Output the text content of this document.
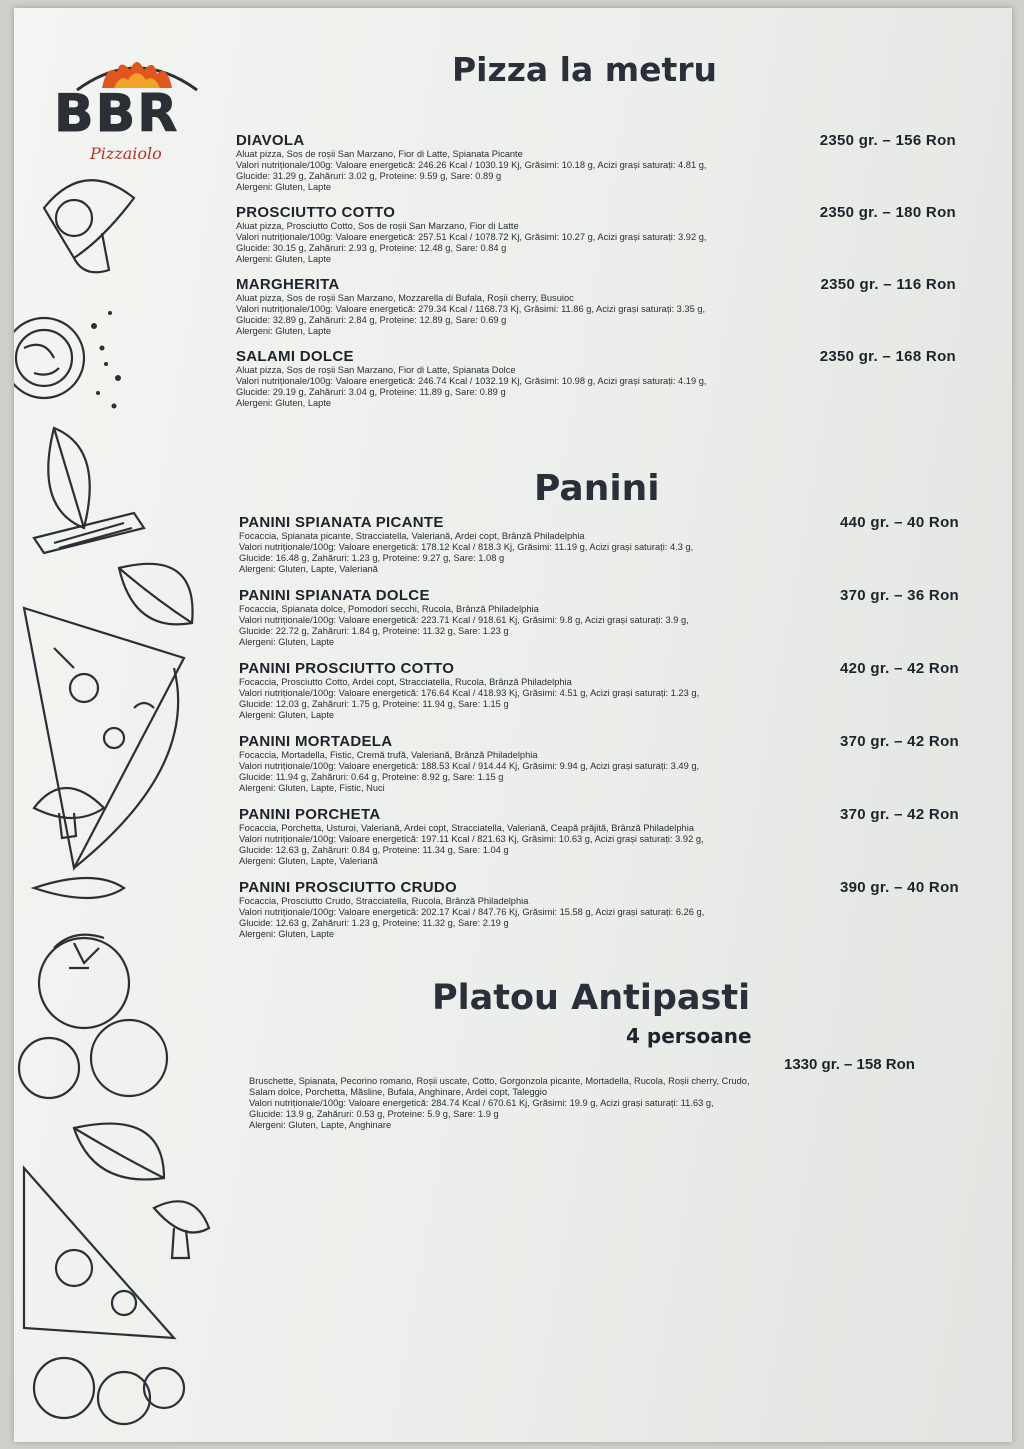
BBR
Pizzaiolo
Pizza la metru
DIAVOLA	2350 gr. – 156 Ron
Aluat pizza, Sos de roșii San Marzano, Fior di Latte, Spianata Picante
Valori nutriționale/100g: Valoare energetică: 246.26 Kcal / 1030.19 Kj, Grăsimi: 10.18 g, Acizi grași saturați: 4.81 g,
Glucide: 31.29 g, Zahăruri: 3.02 g, Proteine: 9.59 g, Sare: 0.89 g
Alergeni: Gluten, Lapte
PROSCIUTTO COTTO	2350 gr. – 180 Ron
Aluat pizza, Prosciutto Cotto, Sos de roșii San Marzano, Fior di Latte
Valori nutriționale/100g: Valoare energetică: 257.51 Kcal / 1078.72 Kj, Grăsimi: 10.27 g, Acizi grași saturați: 3.92 g,
Glucide: 30.15 g, Zahăruri: 2.93 g, Proteine: 12.48 g, Sare: 0.84 g
Alergeni: Gluten, Lapte
MARGHERITA	2350 gr. – 116 Ron
Aluat pizza, Sos de roșii San Marzano, Mozzarella di Bufala, Roșii cherry, Busuioc
Valori nutriționale/100g: Valoare energetică: 279.34 Kcal / 1168.73 Kj, Grăsimi: 11.86 g, Acizi grași saturați: 3.35 g,
Glucide: 32.89 g, Zahăruri: 2.84 g, Proteine: 12.89 g, Sare: 0.69 g
Alergeni: Gluten, Lapte
SALAMI DOLCE	2350 gr. – 168 Ron
Aluat pizza, Sos de roșii San Marzano, Fior di Latte, Spianata Dolce
Valori nutriționale/100g: Valoare energetică: 246.74 Kcal / 1032.19 Kj, Grăsimi: 10.98 g, Acizi grași saturați: 4.19 g,
Glucide: 29.19 g, Zahăruri: 3.04 g, Proteine: 11.89 g, Sare: 0.89 g
Alergeni: Gluten, Lapte
Panini
PANINI SPIANATA PICANTE	440 gr. – 40 Ron
Focaccia, Spianata picante, Stracciatella, Valeriană, Ardei copt, Brânză Philadelphia
Valori nutriționale/100g: Valoare energetică: 178.12 Kcal / 818.3 Kj, Grăsimi: 11.19 g, Acizi grași saturați: 4.3 g,
Glucide: 16.48 g, Zahăruri: 1.23 g, Proteine: 9.27 g, Sare: 1.08 g
Alergeni: Gluten, Lapte, Valeriană
PANINI SPIANATA DOLCE	370 gr. – 36 Ron
Focaccia, Spianata dolce, Pomodori secchi, Rucola, Brânză Philadelphia
Valori nutriționale/100g: Valoare energetică: 223.71 Kcal / 918.61 Kj, Grăsimi: 9.8 g, Acizi grași saturați: 3.9 g,
Glucide: 22.72 g, Zahăruri: 1.84 g, Proteine: 11.32 g, Sare: 1.23 g
Alergeni: Gluten, Lapte
PANINI PROSCIUTTO COTTO	420 gr. – 42 Ron
Focaccia, Prosciutto Cotto, Ardei copt, Stracciatella, Rucola, Brânză Philadelphia
Valori nutriționale/100g: Valoare energetică: 176.64 Kcal / 418.93 Kj, Grăsimi: 4.51 g, Acizi grași saturați: 1.23 g,
Glucide: 12.03 g, Zahăruri: 1.75 g, Proteine: 11.94 g, Sare: 1.15 g
Alergeni: Gluten, Lapte
PANINI MORTADELA	370 gr. – 42 Ron
Focaccia, Mortadella, Fistic, Cremă trufă, Valeriană, Brânză Philadelphia
Valori nutriționale/100g: Valoare energetică: 188.53 Kcal / 914.44 Kj, Grăsimi: 9.94 g, Acizi grași saturați: 3.49 g,
Glucide: 11.94 g, Zahăruri: 0.64 g, Proteine: 8.92 g, Sare: 1.15 g
Alergeni: Gluten, Lapte, Fistic, Nuci
PANINI PORCHETA	370 gr. – 42 Ron
Focaccia, Porchetta, Usturoi, Valeriană, Ardei copt, Stracciatella, Valeriană, Ceapă prăjită, Brânză Philadelphia
Valori nutriționale/100g: Valoare energetică: 197.11 Kcal / 821.63 Kj, Grăsimi: 10.63 g, Acizi grași saturați: 3.92 g,
Glucide: 12.63 g, Zahăruri: 0.84 g, Proteine: 11.34 g, Sare: 1.04 g
Alergeni: Gluten, Lapte, Valeriană
PANINI PROSCIUTTO CRUDO	390 gr. – 40 Ron
Focaccia, Prosciutto Crudo, Stracciatella, Rucola, Brânză Philadelphia
Valori nutriționale/100g: Valoare energetică: 202.17 Kcal / 847.76 Kj, Grăsimi: 15.58 g, Acizi grași saturați: 6.26 g,
Glucide: 12.63 g, Zahăruri: 1.23 g, Proteine: 11.32 g, Sare: 2.19 g
Alergeni: Gluten, Lapte
Platou Antipasti
4 persoane
1330 gr. – 158 Ron
Bruschette, Spianata, Pecorino romano, Roșii uscate, Cotto, Gorgonzola picante, Mortadella, Rucola, Roșii cherry, Crudo,
Salam dolce, Porchetta, Măsline, Bufala, Anghinare, Ardei copt, Taleggio
Valori nutriționale/100g: Valoare energetică: 284.74 Kcal / 670.61 Kj, Grăsimi: 19.9 g, Acizi grași saturați: 11.63 g,
Glucide: 13.9 g, Zahăruri: 0.53 g, Proteine: 5.9 g, Sare: 1.9 g
Alergeni: Gluten, Lapte, Anghinare
